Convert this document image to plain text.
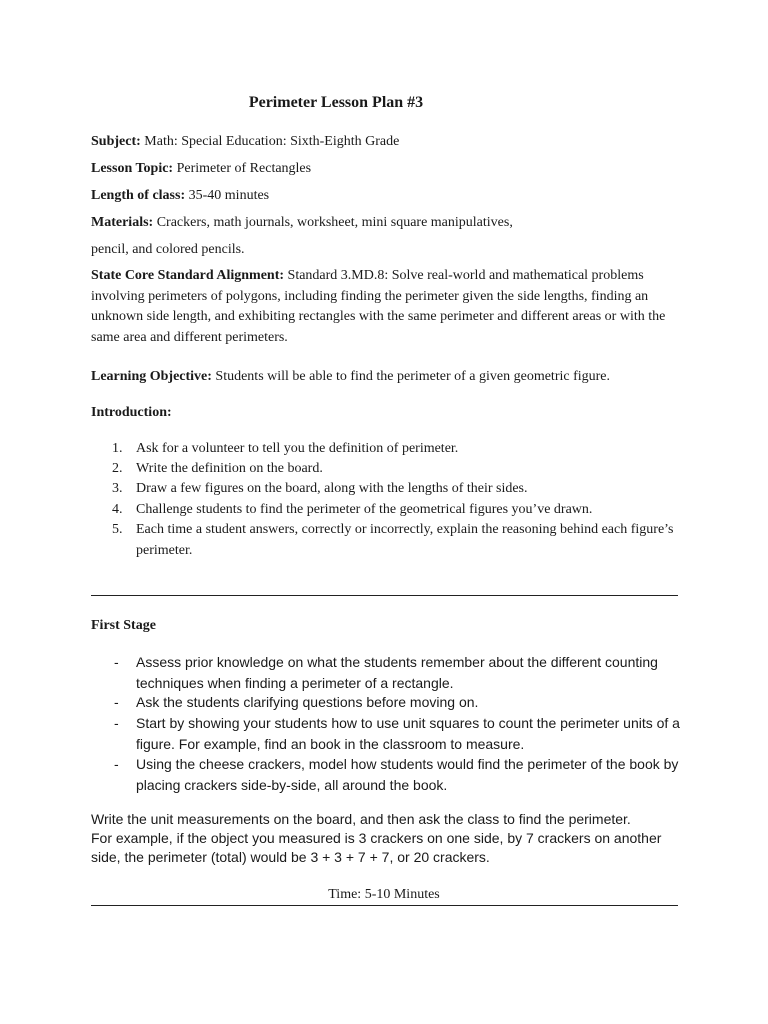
Perimeter Lesson Plan #3
Subject: Math: Special Education: Sixth-Eighth Grade
Lesson Topic: Perimeter of Rectangles
Length of class: 35-40 minutes
Materials: Crackers, math journals, worksheet, mini square manipulatives,
pencil, and colored pencils.
State Core Standard Alignment: Standard 3.MD.8: Solve real-world and mathematical problems involving perimeters of polygons, including finding the perimeter given the side lengths, finding an unknown side length, and exhibiting rectangles with the same perimeter and different areas or with the same area and different perimeters.
Learning Objective: Students will be able to find the perimeter of a given geometric figure.
Introduction:
1. Ask for a volunteer to tell you the definition of perimeter.
2. Write the definition on the board.
3. Draw a few figures on the board, along with the lengths of their sides.
4. Challenge students to find the perimeter of the geometrical figures you’ve drawn.
5. Each time a student answers, correctly or incorrectly, explain the reasoning behind each figure’s perimeter.
First Stage
- Assess prior knowledge on what the students remember about the different counting techniques when finding a perimeter of a rectangle.
- Ask the students clarifying questions before moving on.
- Start by showing your students how to use unit squares to count the perimeter units of a figure. For example, find an book in the classroom to measure.
- Using the cheese crackers, model how students would find the perimeter of the book by placing crackers side-by-side, all around the book.
Write the unit measurements on the board, and then ask the class to find the perimeter.
For example, if the object you measured is 3 crackers on one side, by 7 crackers on another side, the perimeter (total) would be 3 + 3 + 7 + 7, or 20 crackers.
Time: 5-10 Minutes
